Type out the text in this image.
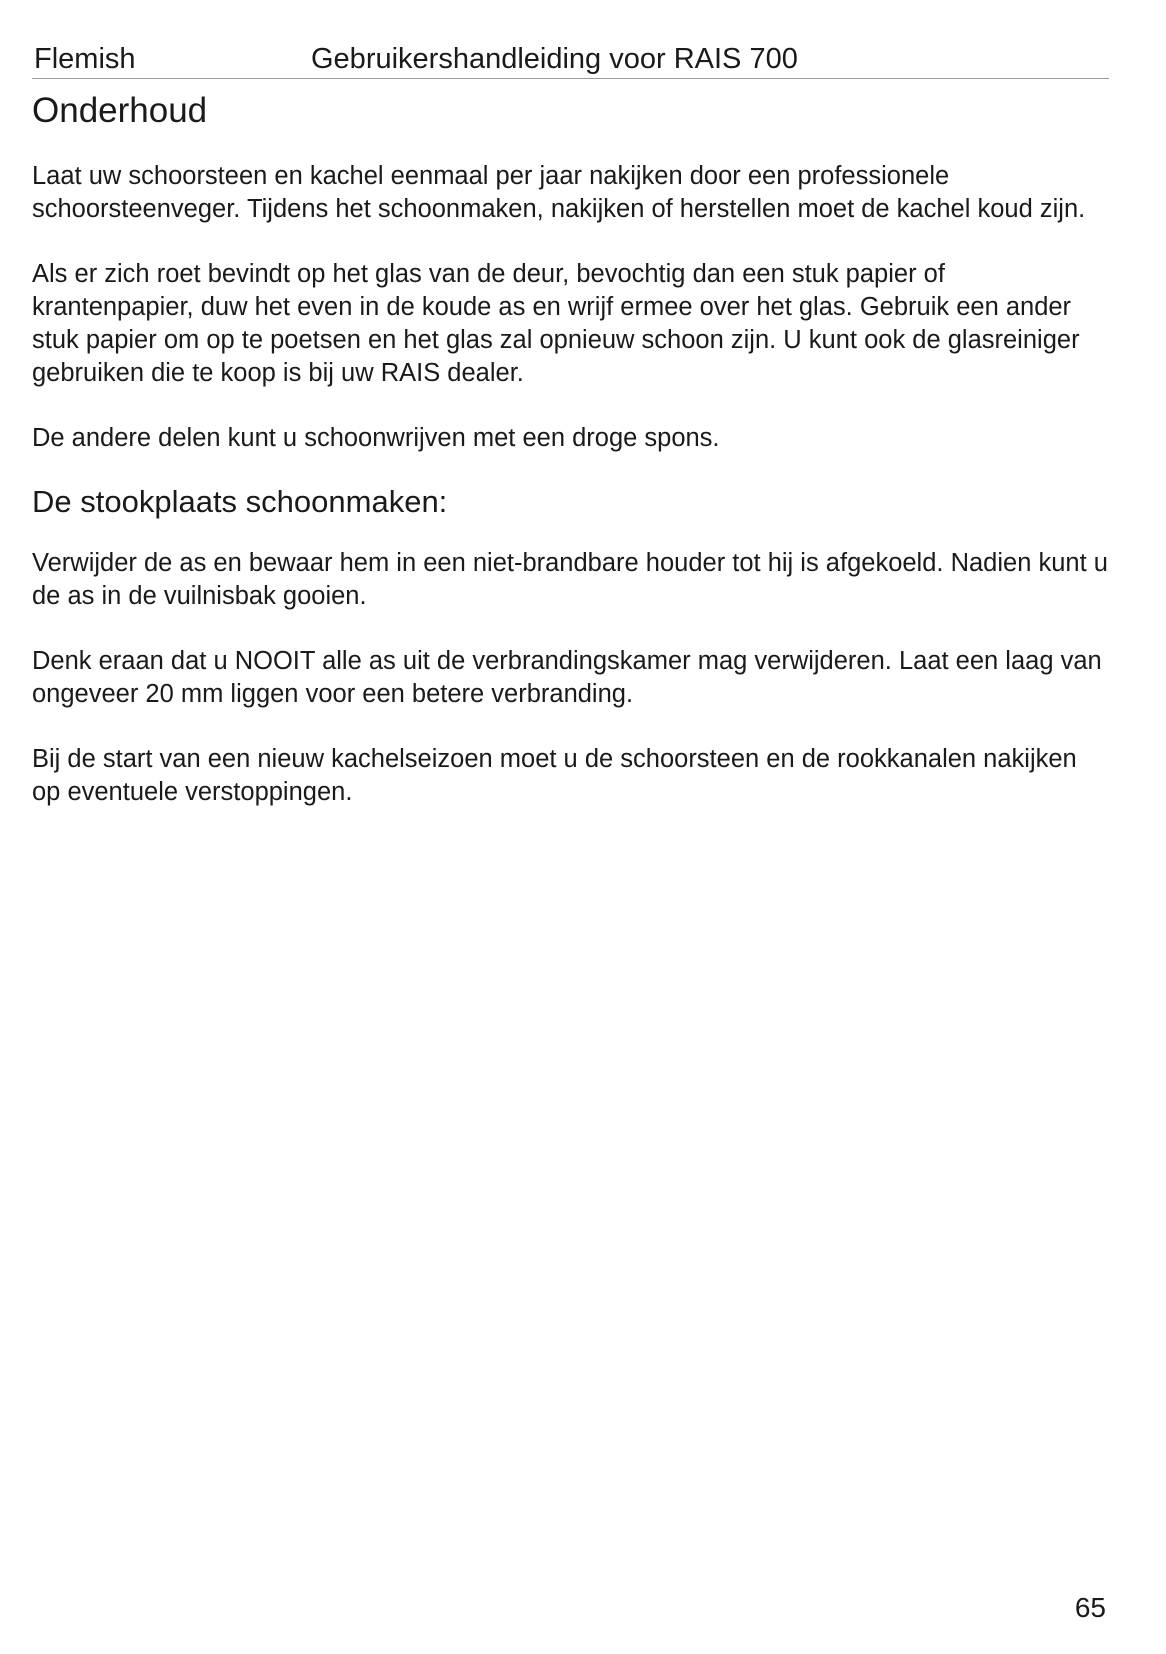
Flemish	Gebruikershandleiding voor RAIS 700
Onderhoud

Laat uw schoorsteen en kachel eenmaal per jaar nakijken door een professionele schoorsteenveger. Tijdens het schoonmaken, nakijken of herstellen moet de kachel koud zijn.

Als er zich roet bevindt op het glas van de deur, bevochtig dan een stuk papier of krantenpapier, duw het even in de koude as en wrijf ermee over het glas. Gebruik een ander stuk papier om op te poetsen en het glas zal opnieuw schoon zijn. U kunt ook de glasreiniger gebruiken die te koop is bij uw RAIS dealer.

De andere delen kunt u schoonwrijven met een droge spons.

De stookplaats schoonmaken:

Verwijder de as en bewaar hem in een niet-brandbare houder tot hij is afgekoeld. Nadien kunt u de as in de vuilnisbak gooien.

Denk eraan dat u NOOIT alle as uit de verbrandingskamer mag verwijderen. Laat een laag van ongeveer 20 mm liggen voor een betere verbranding.

Bij de start van een nieuw kachelseizoen moet u de schoorsteen en de rookkanalen nakijken op eventuele verstoppingen.

65
